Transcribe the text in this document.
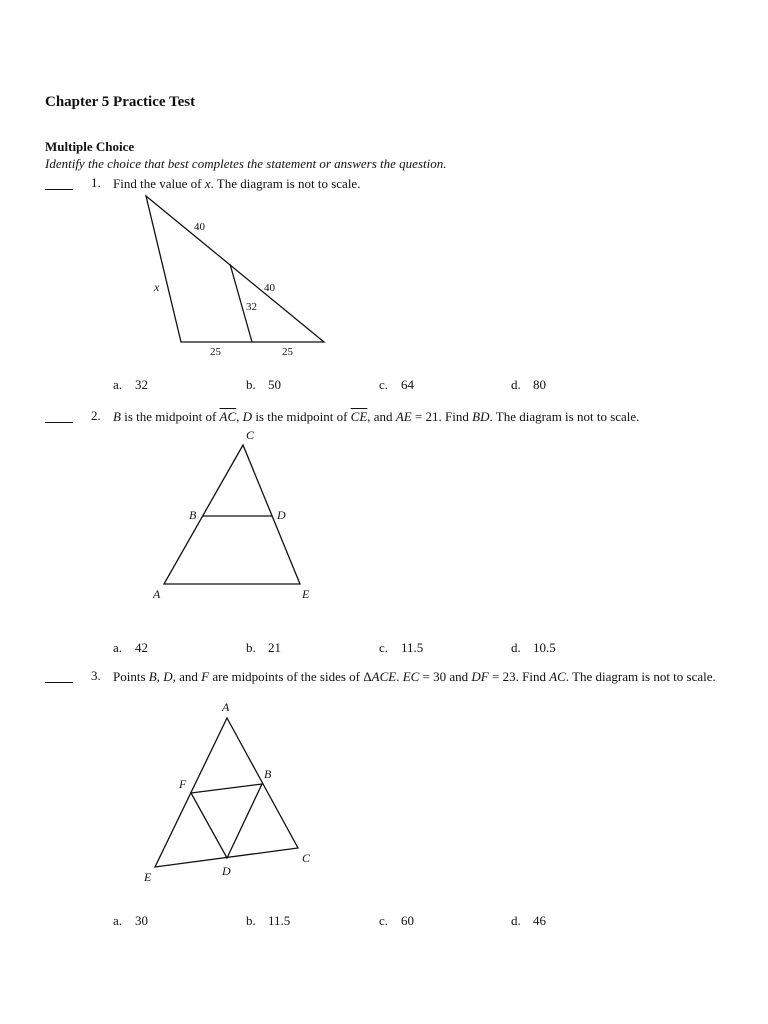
Chapter 5 Practice Test
Multiple Choice
Identify the choice that best completes the statement or answers the question.
1. Find the value of x. The diagram is not to scale.
40
40
32
x
25	25
C
B	D
A	E
A
F
B
E	D
C
a. 32	b. 50	c. 64	d. 80
2. B is the midpoint of $\overline{AC}$, D is the midpoint of $\overline{CE}$, and AE = 21. Find BD. The diagram is not to scale.
a. 42	b. 21	c. 11.5	d. 10.5
3. Points B, D, and F are midpoints of the sides of ΔACE. EC = 30 and DF = 23. Find AC. The diagram is not to scale.
a. 30	b. 11.5	c. 60	d. 46
